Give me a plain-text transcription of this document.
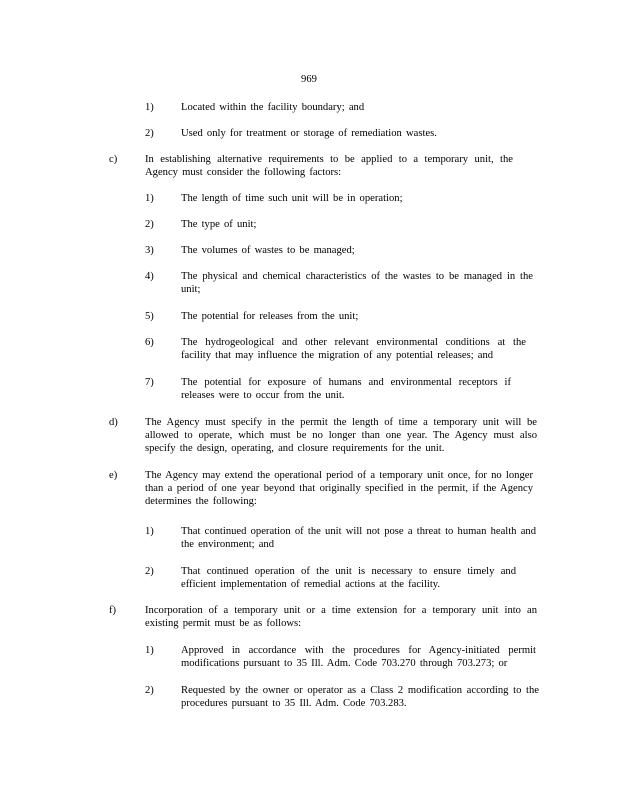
969
1)	Located within the facility boundary; and
2)	Used only for treatment or storage of remediation wastes.
c)	In establishing alternative requirements to be applied to a temporary unit, the Agency must consider the following factors:
1)	The length of time such unit will be in operation;
2)	The type of unit;
3)	The volumes of wastes to be managed;
4)	The physical and chemical characteristics of the wastes to be managed in the unit;
5)	The potential for releases from the unit;
6)	The hydrogeological and other relevant environmental conditions at the facility that may influence the migration of any potential releases; and
7)	The potential for exposure of humans and environmental receptors if releases were to occur from the unit.
d)	The Agency must specify in the permit the length of time a temporary unit will be allowed to operate, which must be no longer than one year. The Agency must also specify the design, operating, and closure requirements for the unit.
e)	The Agency may extend the operational period of a temporary unit once, for no longer than a period of one year beyond that originally specified in the permit, if the Agency determines the following:
1)	That continued operation of the unit will not pose a threat to human health and the environment; and
2)	That continued operation of the unit is necessary to ensure timely and efficient implementation of remedial actions at the facility.
f)	Incorporation of a temporary unit or a time extension for a temporary unit into an existing permit must be as follows:
1)	Approved in accordance with the procedures for Agency-initiated permit modifications pursuant to 35 Ill. Adm. Code 703.270 through 703.273; or
2)	Requested by the owner or operator as a Class 2 modification according to the procedures pursuant to 35 Ill. Adm. Code 703.283.
